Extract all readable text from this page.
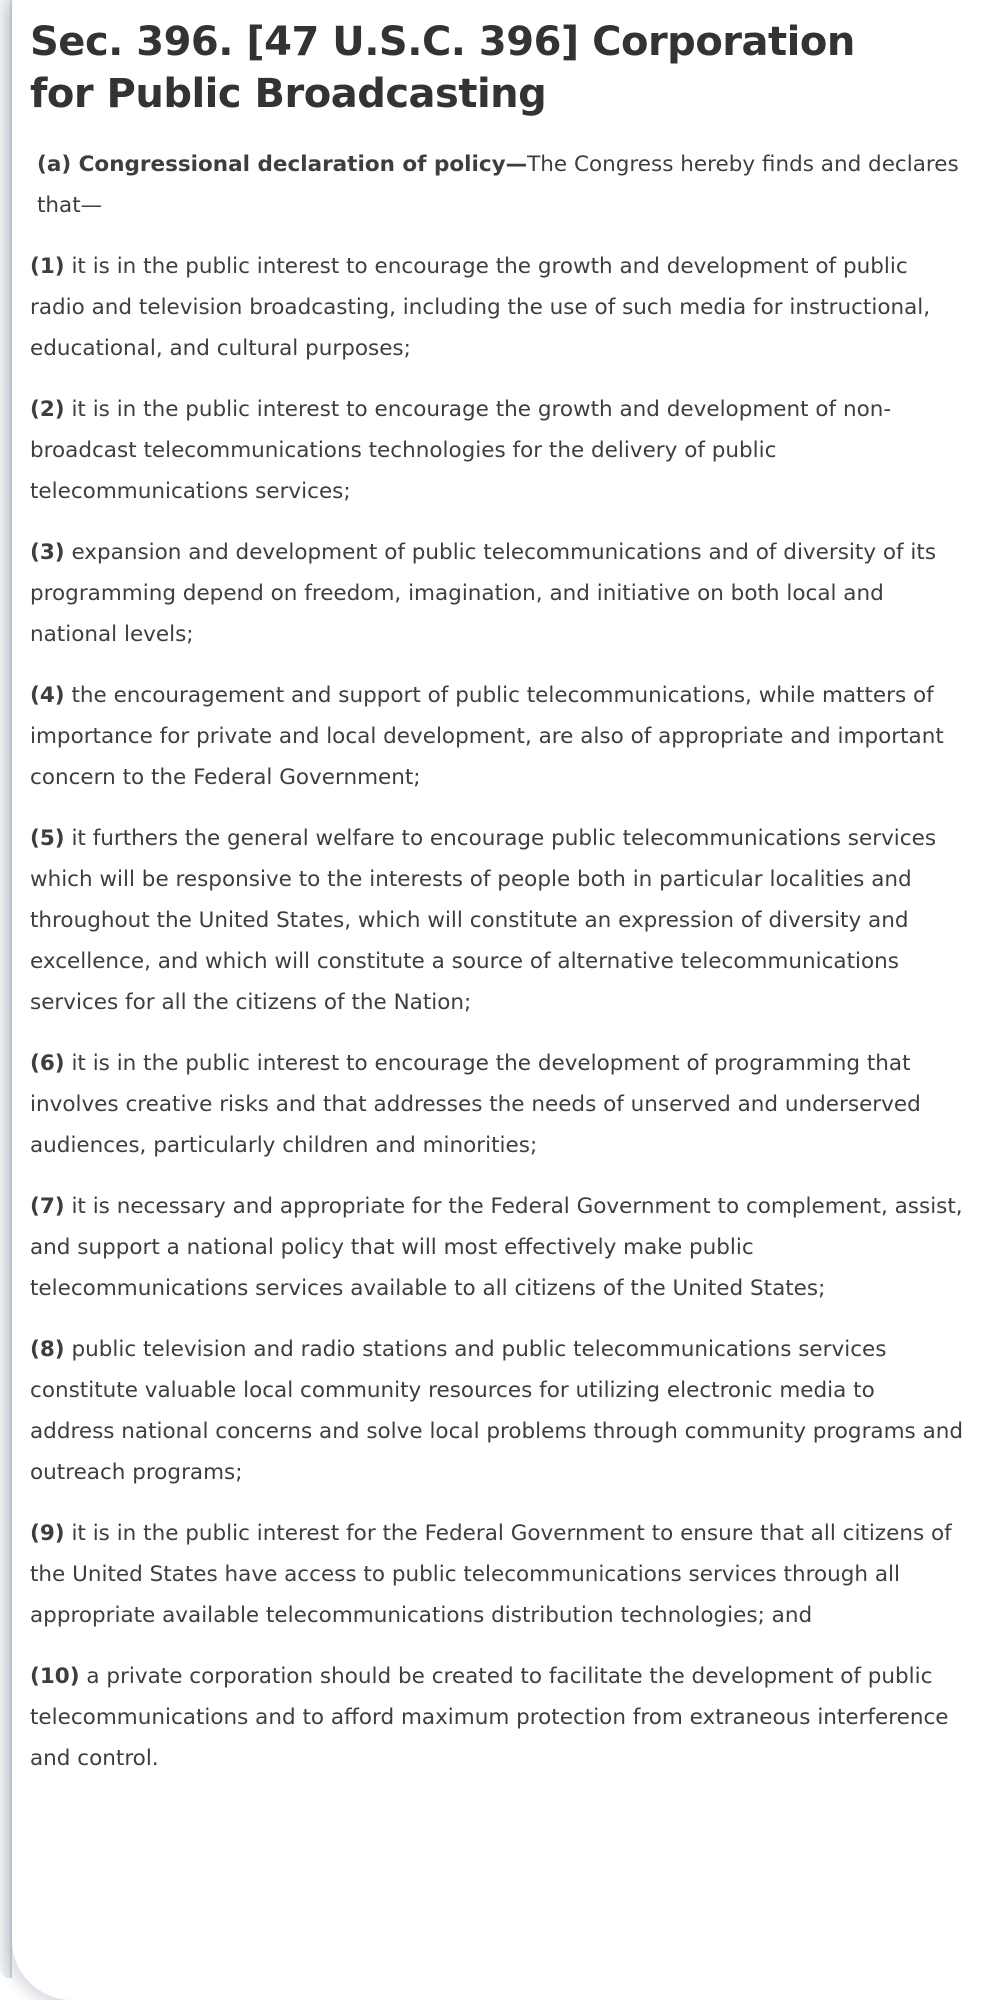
Sec. 396. [47 U.S.C. 396] Corporation for Public Broadcasting

(a) Congressional declaration of policy—The Congress hereby finds and declares that—

(1) it is in the public interest to encourage the growth and development of public radio and television broadcasting, including the use of such media for instructional, educational, and cultural purposes;

(2) it is in the public interest to encourage the growth and development of non-broadcast telecommunications technologies for the delivery of public telecommunications services;

(3) expansion and development of public telecommunications and of diversity of its programming depend on freedom, imagination, and initiative on both local and national levels;

(4) the encouragement and support of public telecommunications, while matters of importance for private and local development, are also of appropriate and important concern to the Federal Government;

(5) it furthers the general welfare to encourage public telecommunications services which will be responsive to the interests of people both in particular localities and throughout the United States, which will constitute an expression of diversity and excellence, and which will constitute a source of alternative telecommunications services for all the citizens of the Nation;

(6) it is in the public interest to encourage the development of programming that involves creative risks and that addresses the needs of unserved and underserved audiences, particularly children and minorities;

(7) it is necessary and appropriate for the Federal Government to complement, assist, and support a national policy that will most effectively make public telecommunications services available to all citizens of the United States;

(8) public television and radio stations and public telecommunications services constitute valuable local community resources for utilizing electronic media to address national concerns and solve local problems through community programs and outreach programs;

(9) it is in the public interest for the Federal Government to ensure that all citizens of the United States have access to public telecommunications services through all appropriate available telecommunications distribution technologies; and

(10) a private corporation should be created to facilitate the development of public telecommunications and to afford maximum protection from extraneous interference and control.
